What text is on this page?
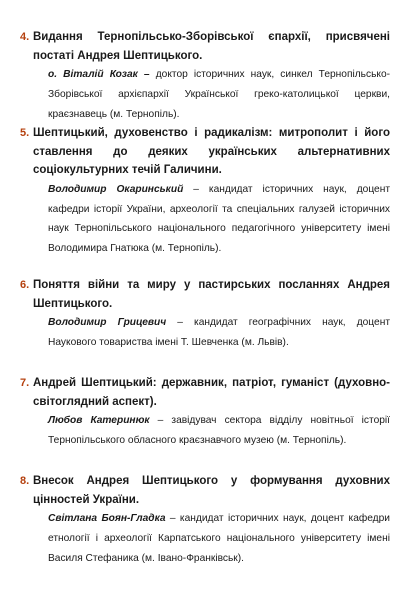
4. Видання Тернопільсько-Зборівської єпархії, присвячені постаті Андрея Шептицького.

о. Віталій Козак – доктор історичних наук, синкел Тернопільсько-Зборівської архієпархії Української греко-католицької церкви, краєзнавець (м. Тернопіль).

5. Шептицький, духовенство і радикалізм: митрополит і його ставлення до деяких українських альтернативних соціокультурних течій Галичини.

Володимир Окаринський – кандидат історичних наук, доцент кафедри історії України, археології та спеціальних галузей історичних наук Тернопільського національного педагогічного університету імені Володимира Гнатюка (м. Тернопіль).

6. Поняття війни та миру у пастирських посланнях Андрея Шептицького.

Володимир Грицевич – кандидат географічних наук, доцент Наукового товариства імені Т. Шевченка (м. Львів).

7. Андрей Шептицький: державник, патріот, гуманіст (духовно-світоглядний аспект).

Любов Катеринюк – завідувач сектора відділу новітньої історії Тернопільського обласного краєзнавчого музею (м. Тернопіль).

8. Внесок Андрея Шептицького у формування духовних цінностей України.

Світлана Боян-Гладка – кандидат історичних наук, доцент кафедри етнології і археології Карпатського національного університету імені Василя Стефаника (м. Івано-Франківськ).
